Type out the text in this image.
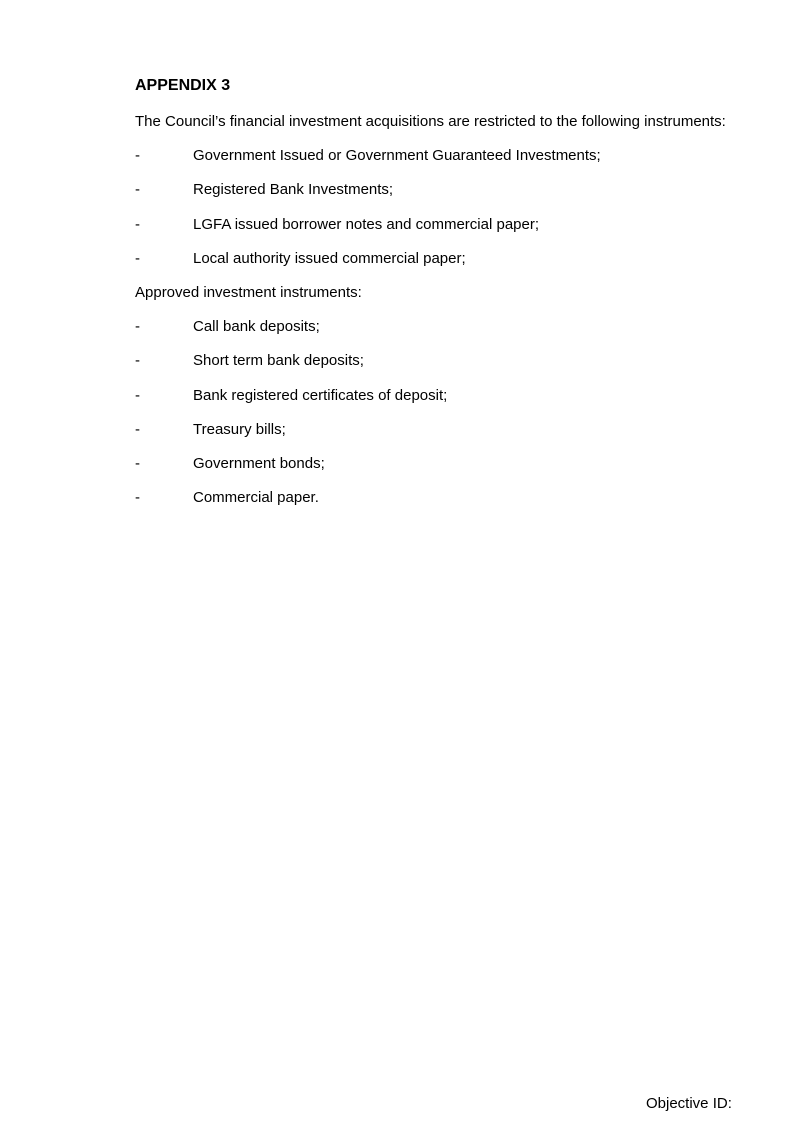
APPENDIX 3

The Council’s financial investment acquisitions are restricted to the following instruments:

-	Government Issued or Government Guaranteed Investments;
-	Registered Bank Investments;
-	LGFA issued borrower notes and commercial paper;
-	Local authority issued commercial paper;

Approved investment instruments:

-	Call bank deposits;
-	Short term bank deposits;
-	Bank registered certificates of deposit;
-	Treasury bills;
-	Government bonds;
-	Commercial paper.

Objective ID:
